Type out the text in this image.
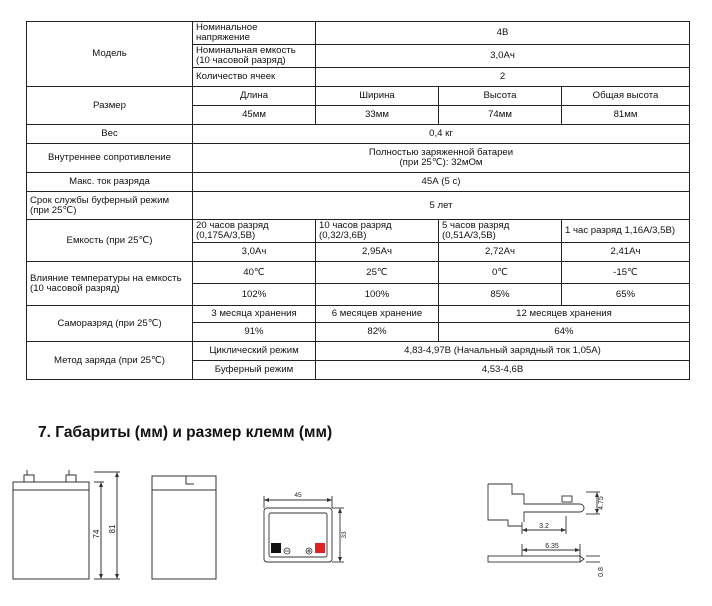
Модель	Номинальное напряжение	4В		
	Номинальная емкость (10 часовой разряд)	3,0Ач		
	Количество ячеек	2		
Размер	Длина	Ширина	Высота	Общая высота
	45мм	33мм	74мм	81мм
Вес	0,4 кг			
Внутреннее сопротивление	Полностью заряженной батареи
(при 25℃): 32мОм			

Макс. ток разряда	45А (5 с)			
Срок службы буферный режим (при 25℃)	5 лет			
Емкость (при 25℃)	20 часов разряд (0,175А/3,5В)	10 часов разряд (0,32/3,6В)	5 часов разряд (0,51А/3,5В)	1 час разряд 1,16А/3,5В)
	3,0Ач	2,95Ач	2,72Ач	2,41Ач
Влияние температуры на емкость (10 часовой разряд)	40℃	25℃	0℃	-15℃
	102%	100%	85%	65%
Саморазряд (при 25℃)	3 месяца хранения	6 месяцев хранение	12 месяцев хранения	
	91%	82%	64%	
Метод заряда (при 25℃)	Циклический режим	4,83-4,97В (Начальный зарядный ток 1,05А)		
	Буферный режим	4,53-4,6В		
7. Габариты (мм) и размер клемм (мм)
74
81
45
33
4.75
3.2
6.35
0.8
